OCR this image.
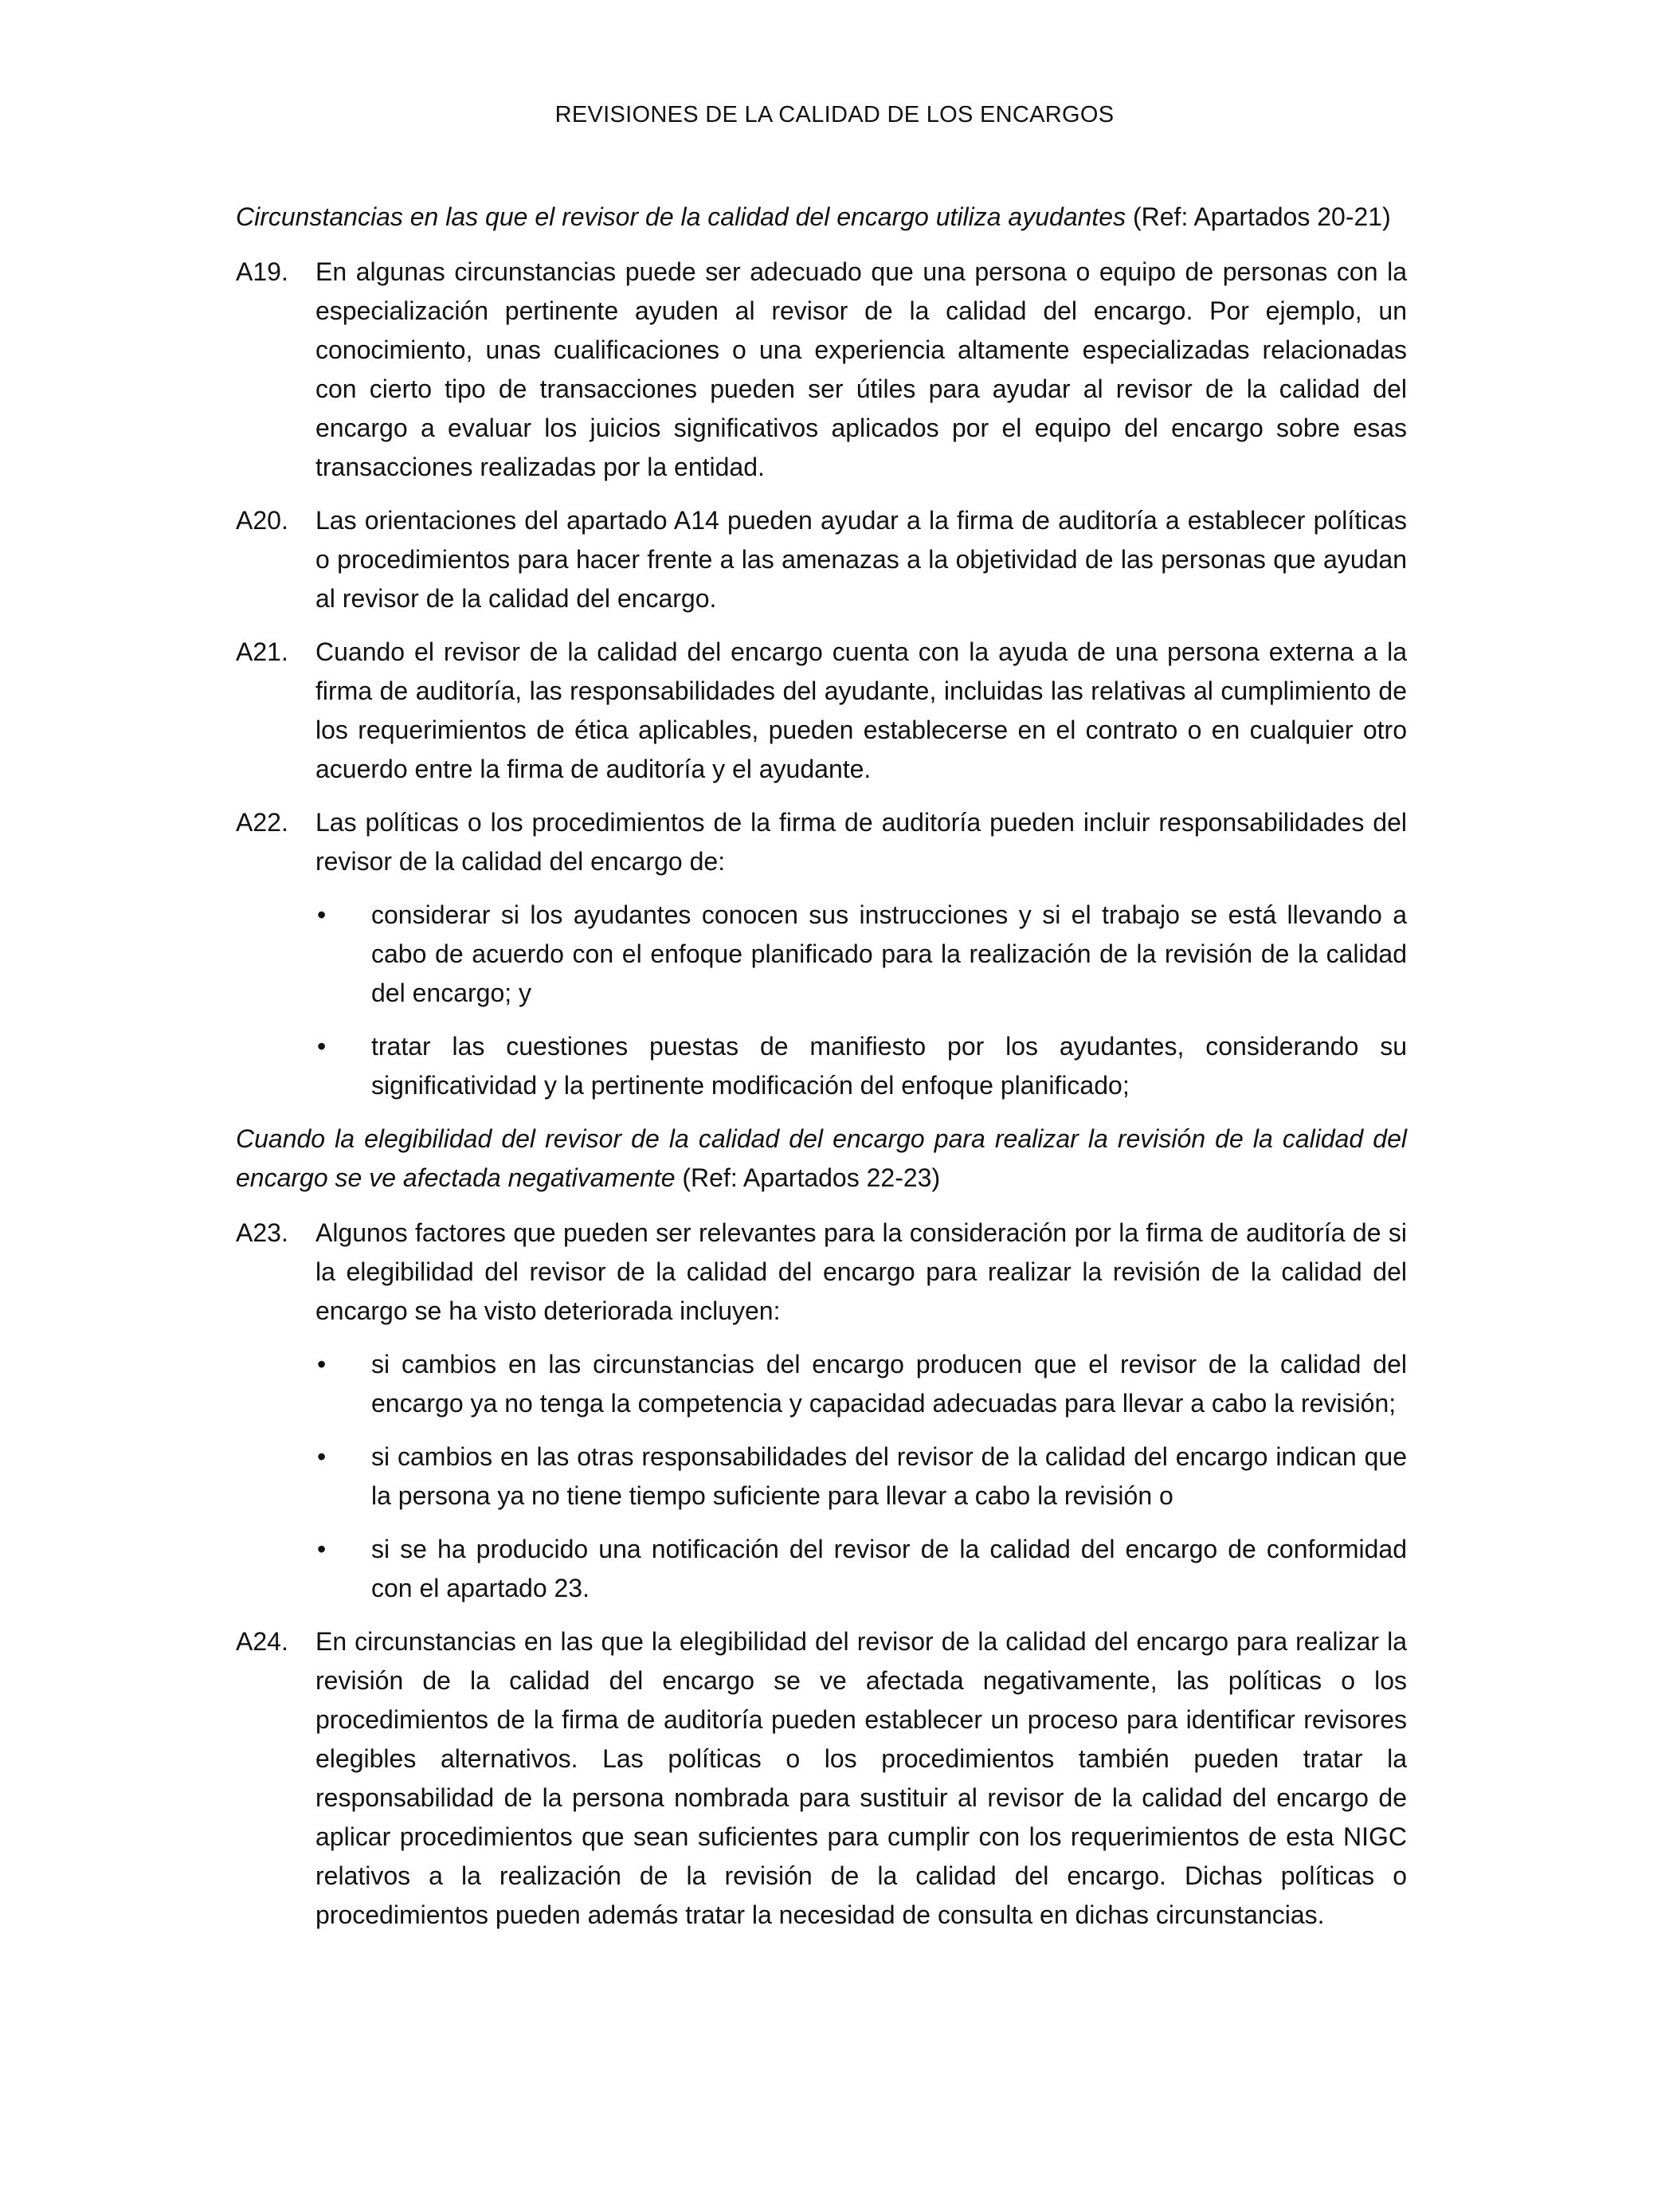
REVISIONES DE LA CALIDAD DE LOS ENCARGOS

Circunstancias en las que el revisor de la calidad del encargo utiliza ayudantes (Ref: Apartados 20-21)

A19. En algunas circunstancias puede ser adecuado que una persona o equipo de personas con la especialización pertinente ayuden al revisor de la calidad del encargo. Por ejemplo, un conocimiento, unas cualificaciones o una experiencia altamente especializadas relacionadas con cierto tipo de transacciones pueden ser útiles para ayudar al revisor de la calidad del encargo a evaluar los juicios significativos aplicados por el equipo del encargo sobre esas transacciones realizadas por la entidad.
A20. Las orientaciones del apartado A14 pueden ayudar a la firma de auditoría a establecer políticas o procedimientos para hacer frente a las amenazas a la objetividad de las personas que ayudan al revisor de la calidad del encargo.
A21. Cuando el revisor de la calidad del encargo cuenta con la ayuda de una persona externa a la firma de auditoría, las responsabilidades del ayudante, incluidas las relativas al cumplimiento de los requerimientos de ética aplicables, pueden establecerse en el contrato o en cualquier otro acuerdo entre la firma de auditoría y el ayudante.
A22. Las políticas o los procedimientos de la firma de auditoría pueden incluir responsabilidades del revisor de la calidad del encargo de:
• considerar si los ayudantes conocen sus instrucciones y si el trabajo se está llevando a cabo de acuerdo con el enfoque planificado para la realización de la revisión de la calidad del encargo; y
• tratar las cuestiones puestas de manifiesto por los ayudantes, considerando su significatividad y la pertinente modificación del enfoque planificado;

Cuando la elegibilidad del revisor de la calidad del encargo para realizar la revisión de la calidad del encargo se ve afectada negativamente (Ref: Apartados 22-23)

A23. Algunos factores que pueden ser relevantes para la consideración por la firma de auditoría de si la elegibilidad del revisor de la calidad del encargo para realizar la revisión de la calidad del encargo se ha visto deteriorada incluyen:
• si cambios en las circunstancias del encargo producen que el revisor de la calidad del encargo ya no tenga la competencia y capacidad adecuadas para llevar a cabo la revisión;
• si cambios en las otras responsabilidades del revisor de la calidad del encargo indican que la persona ya no tiene tiempo suficiente para llevar a cabo la revisión o
• si se ha producido una notificación del revisor de la calidad del encargo de conformidad con el apartado 23.
A24. En circunstancias en las que la elegibilidad del revisor de la calidad del encargo para realizar la revisión de la calidad del encargo se ve afectada negativamente, las políticas o los procedimientos de la firma de auditoría pueden establecer un proceso para identificar revisores elegibles alternativos. Las políticas o los procedimientos también pueden tratar la responsabilidad de la persona nombrada para sustituir al revisor de la calidad del encargo de aplicar procedimientos que sean suficientes para cumplir con los requerimientos de esta NIGC relativos a la realización de la revisión de la calidad del encargo. Dichas políticas o procedimientos pueden además tratar la necesidad de consulta en dichas circunstancias.
